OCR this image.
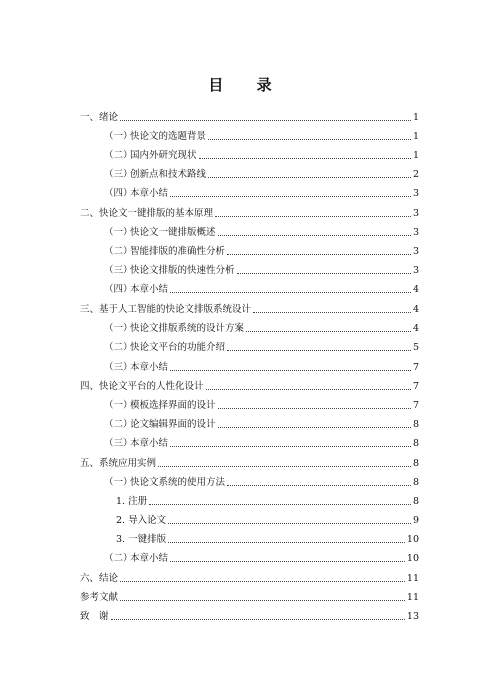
目 录
一、绪论	1
（一）快论文的选题背景	1
（二）国内外研究现状	1
（三）创新点和技术路线	2
（四）本章小结	3
二、快论文一键排版的基本原理	3
（一）快论文一键排版概述	3
（二）智能排版的准确性分析	3
（三）快论文排版的快速性分析	3
（四）本章小结	4
三、基于人工智能的快论文排版系统设计	4
（一）快论文排版系统的设计方案	4
（二）快论文平台的功能介绍	5
（三）本章小结	7
四、快论文平台的人性化设计	7
（一）模板选择界面的设计	7
（二）论文编辑界面的设计	8
（三）本章小结	8
五、系统应用实例	8
（一）快论文系统的使用方法	8
1. 注册	8
2. 导入论文	9
3. 一键排版	10
（二）本章小结	10
六、结论	11
参考文献	11
致　谢	13
